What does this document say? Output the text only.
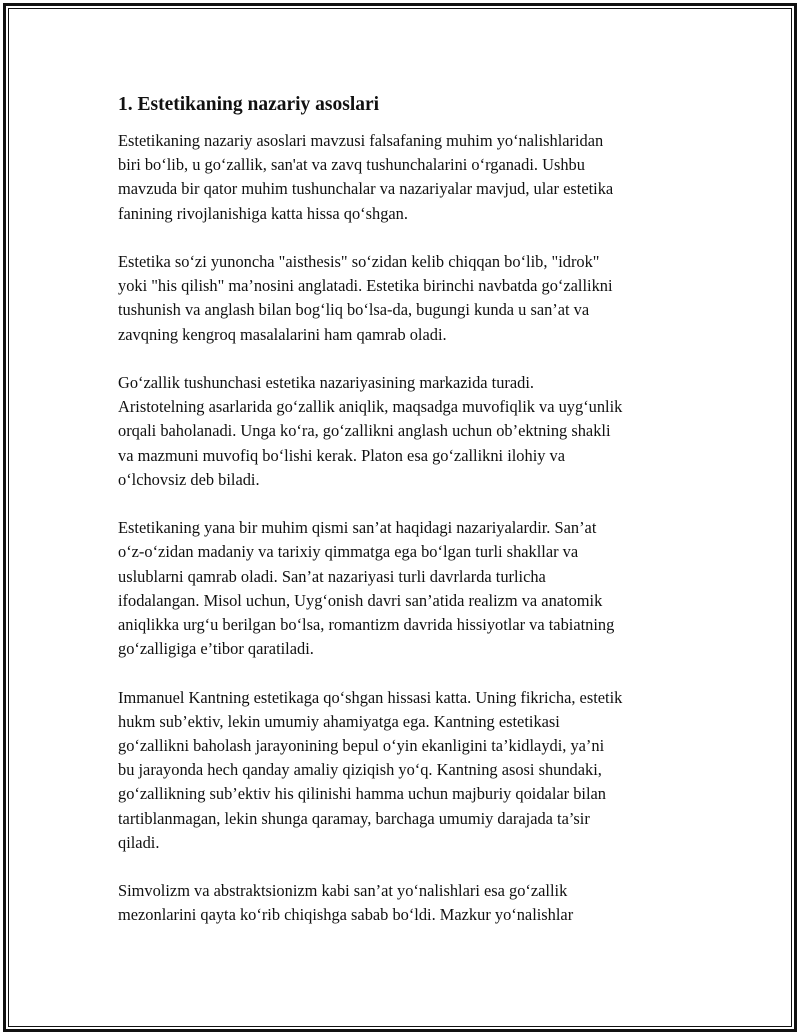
1. Estetikaning nazariy asoslari

Estetikaning nazariy asoslari mavzusi falsafaning muhim yo‘nalishlaridan
biri bo‘lib, u go‘zallik, san'at va zavq tushunchalarini o‘rganadi. Ushbu
mavzuda bir qator muhim tushunchalar va nazariyalar mavjud, ular estetika
fanining rivojlanishiga katta hissa qo‘shgan.

Estetika so‘zi yunoncha "aisthesis" so‘zidan kelib chiqqan bo‘lib, "idrok"
yoki "his qilish" ma’nosini anglatadi. Estetika birinchi navbatda go‘zallikni
tushunish va anglash bilan bog‘liq bo‘lsa-da, bugungi kunda u san’at va
zavqning kengroq masalalarini ham qamrab oladi.

Go‘zallik tushunchasi estetika nazariyasining markazida turadi.
Aristotelning asarlarida go‘zallik aniqlik, maqsadga muvofiqlik va uyg‘unlik
orqali baholanadi. Unga ko‘ra, go‘zallikni anglash uchun ob’ektning shakli
va mazmuni muvofiq bo‘lishi kerak. Platon esa go‘zallikni ilohiy va
o‘lchovsiz deb biladi.

Estetikaning yana bir muhim qismi san’at haqidagi nazariyalardir. San’at
o‘z-o‘zidan madaniy va tarixiy qimmatga ega bo‘lgan turli shakllar va
uslublarni qamrab oladi. San’at nazariyasi turli davrlarda turlicha
ifodalangan. Misol uchun, Uyg‘onish davri san’atida realizm va anatomik
aniqlikka urg‘u berilgan bo‘lsa, romantizm davrida hissiyotlar va tabiatning
go‘zalligiga e’tibor qaratiladi.

Immanuel Kantning estetikaga qo‘shgan hissasi katta. Uning fikricha, estetik
hukm sub’ektiv, lekin umumiy ahamiyatga ega. Kantning estetikasi
go‘zallikni baholash jarayonining bepul o‘yin ekanligini ta’kidlaydi, ya’ni
bu jarayonda hech qanday amaliy qiziqish yo‘q. Kantning asosi shundaki,
go‘zallikning sub’ektiv his qilinishi hamma uchun majburiy qoidalar bilan
tartiblanmagan, lekin shunga qaramay, barchaga umumiy darajada ta’sir
qiladi.

Simvolizm va abstraktsionizm kabi san’at yo‘nalishlari esa go‘zallik
mezonlarini qayta ko‘rib chiqishga sabab bo‘ldi. Mazkur yo‘nalishlar
